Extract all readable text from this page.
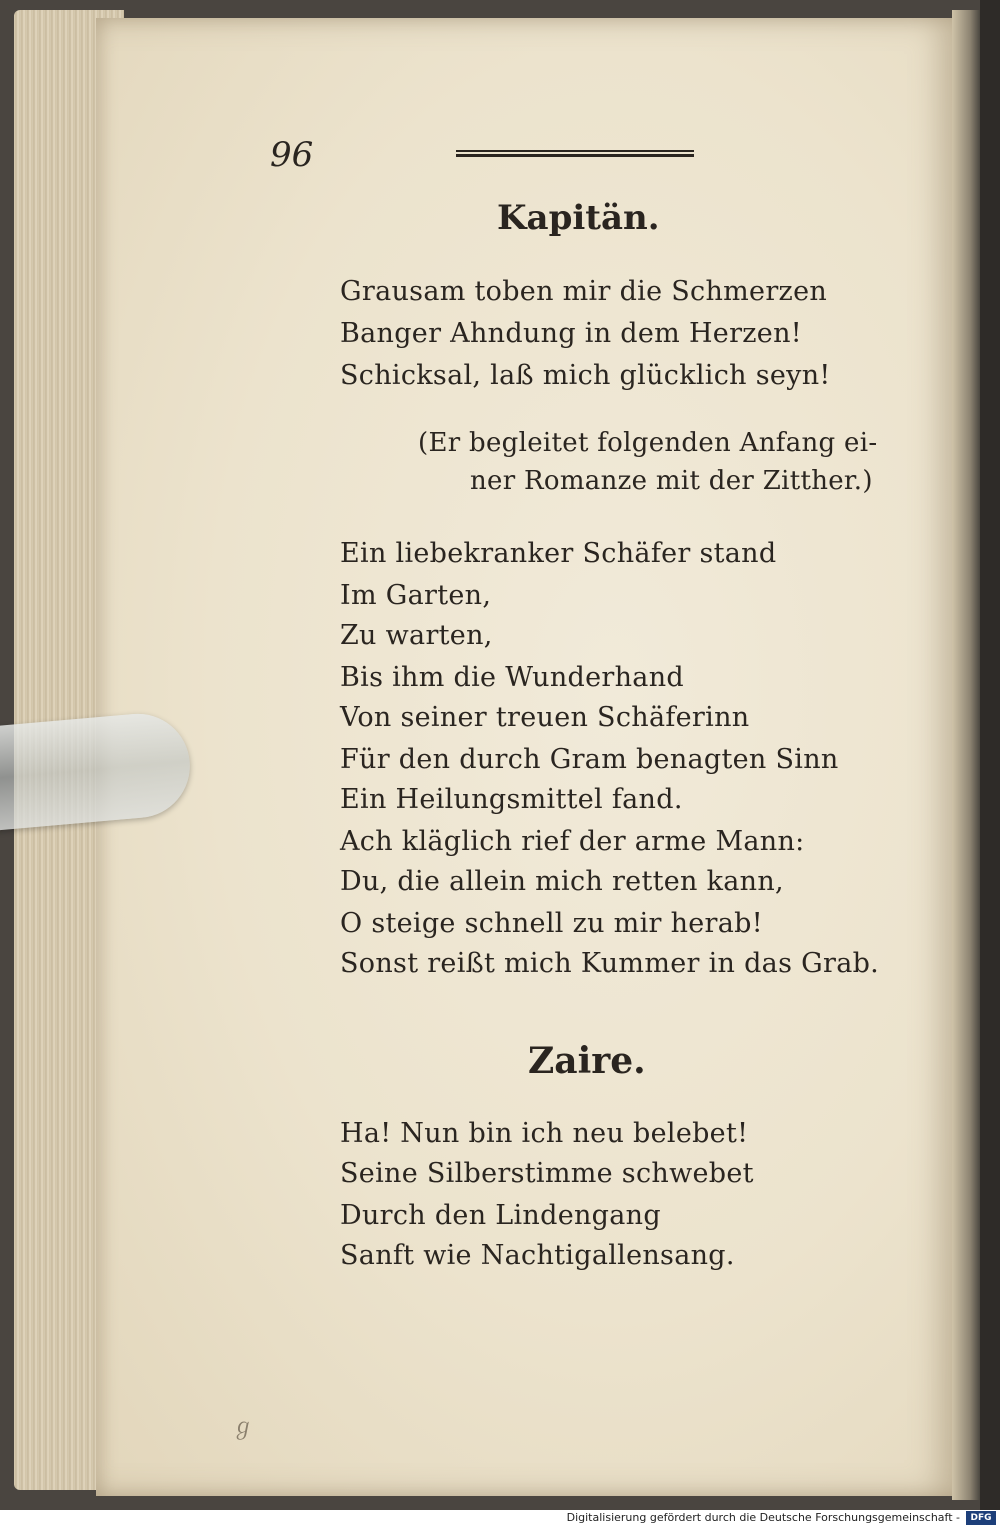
96
Kapitän.
Grausam toben mir die Schmerzen
Banger Ahndung in dem Herzen!
Schicksal, laß mich glücklich seyn!
(Er begleitet folgenden Anfang ei-
ner Romanze mit der Zitther.)
Ein liebekranker Schäfer stand
Im Garten,
Zu warten,
Bis ihm die Wunderhand
Von seiner treuen Schäferinn
Für den durch Gram benagten Sinn
Ein Heilungsmittel fand.
Ach kläglich rief der arme Mann:
Du, die allein mich retten kann,
O steige schnell zu mir herab!
Sonst reißt mich Kummer in das Grab.
Zaire.
Ha! Nun bin ich neu belebet!
Seine Silberstimme schwebet
Durch den Lindengang
Sanft wie Nachtigallensang.
ℊ
Digitalisierung gefördert durch die Deutsche Forschungsgemeinschaft -	DFG
